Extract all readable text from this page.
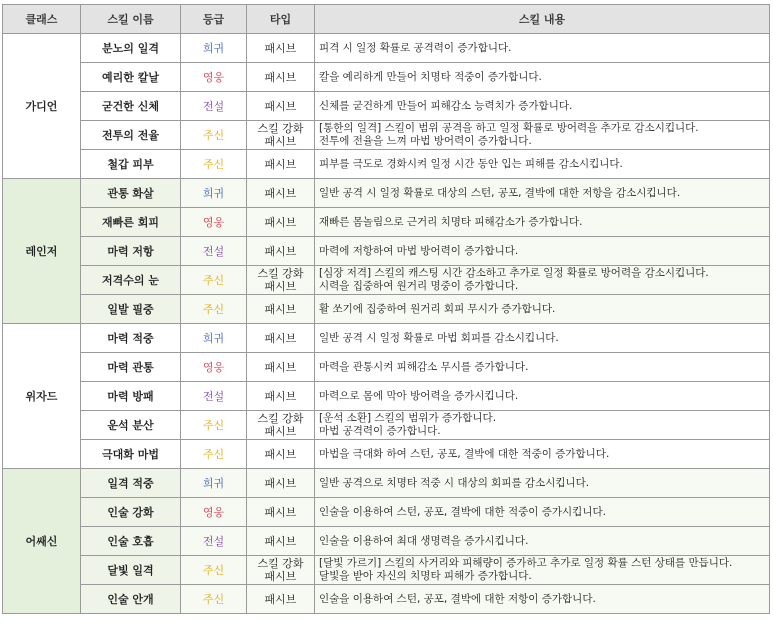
클래스	스킬 이름	등급	타입	스킬 내용
가디언	분노의 일격	희귀	패시브	피격 시 일정 확률로 공격력이 증가합니다.

	예리한 칼날	영웅	패시브	칼을 예리하게 만들어 치명타 적중이 증가합니다.

	굳건한 신체	전설	패시브	신체를 굳건하게 만들어 피해감소 능력치가 증가합니다.

	전투의 전율	주신	스킬 강화
패시브	[통한의 일격] 스킬이 범위 공격을 하고 일정 확률로 방어력을 추가로 감소시킵니다.
전투에 전율을 느껴 마법 방어력이 증가합니다.

	철갑 피부	주신	패시브	피부를 극도로 경화시켜 일정 시간 동안 입는 피해를 감소시킵니다.

레인저	관통 화살	희귀	패시브	일반 공격 시 일정 확률로 대상의 스턴, 공포, 결박에 대한 저항을 감소시킵니다.

	재빠른 회피	영웅	패시브	재빠른 몸놀림으로 근거리 치명타 피해감소가 증가합니다.

	마력 저항	전설	패시브	마력에 저항하여 마법 방어력이 증가합니다.

	저격수의 눈	주신	스킬 강화
패시브	[심장 저격] 스킬의 캐스팅 시간 감소하고 추가로 일정 확률로 방어력을 감소시킵니다.
시력을 집중하여 원거리 명중이 증가합니다.

	일발 필중	주신	패시브	활 쏘기에 집중하여 원거리 회피 무시가 증가합니다.

위자드	마력 적중	희귀	패시브	일반 공격 시 일정 확률로 마법 회피를 감소시킵니다.

	마력 관통	영웅	패시브	마력을 관통시켜 피해감소 무시를 증가합니다.

	마력 방패	전설	패시브	마력으로 몸에 막아 방어력을 증가시킵니다.

	운석 분산	주신	스킬 강화
패시브	[운석 소환] 스킬의 범위가 증가합니다.
마법 공격력이 증가합니다.

	극대화 마법	주신	패시브	마법을 극대화 하여 스턴, 공포, 결박에 대한 적중이 증가합니다.

어쌔신	일격 적중	희귀	패시브	일반 공격으로 치명타 적중 시 대상의 회피를 감소시킵니다.

	인술 강화	영웅	패시브	인술을 이용하여 스턴, 공포, 결박에 대한 적중이 증가시킵니다.

	인술 호흡	전설	패시브	인술을 이용하여 최대 생명력을 증가시킵니다.

	달빛 일격	주신	스킬 강화
패시브	[달빛 가르기] 스킬의 사거리와 피해량이 증가하고 추가로 일정 확률 스턴 상태를 만듭니다.
달빛을 받아 자신의 치명타 피해가 증가합니다.

	인술 안개	주신	패시브	인술을 이용하여 스턴, 공포, 결박에 대한 저항이 증가합니다.
